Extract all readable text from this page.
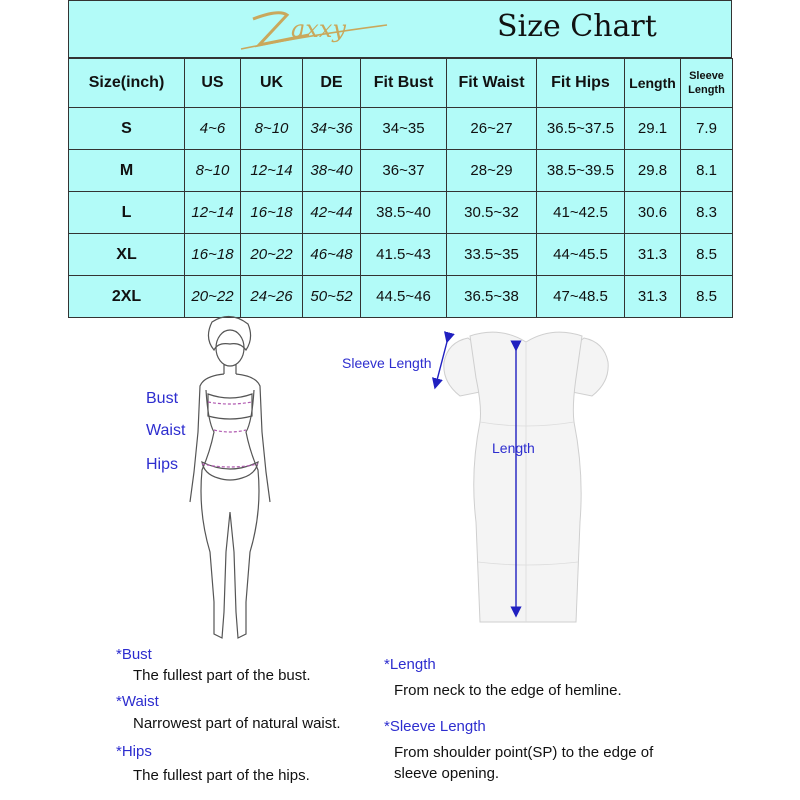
axxy	Size Chart
Size(inch)	US	UK	DE	Fit Bust	Fit Waist	Fit Hips	Length	Sleeve Length
S	4~6	8~10	34~36	34~35	26~27	36.5~37.5	29.1	7.9
M	8~10	12~14	38~40	36~37	28~29	38.5~39.5	29.8	8.1
L	12~14	16~18	42~44	38.5~40	30.5~32	41~42.5	30.6	8.3
XL	16~18	20~22	46~48	41.5~43	33.5~35	44~45.5	31.3	8.5
2XL	20~22	24~26	50~52	44.5~46	36.5~38	47~48.5	31.3	8.5
Bust
Waist
Hips
Sleeve Length
Length
*Bust
The fullest part of the bust.
*Waist
Narrowest part of natural waist.
*Hips
The fullest part of the hips.
*Length
From neck to the edge of hemline.
*Sleeve Length
From shoulder point(SP) to the edge of
sleeve opening.
